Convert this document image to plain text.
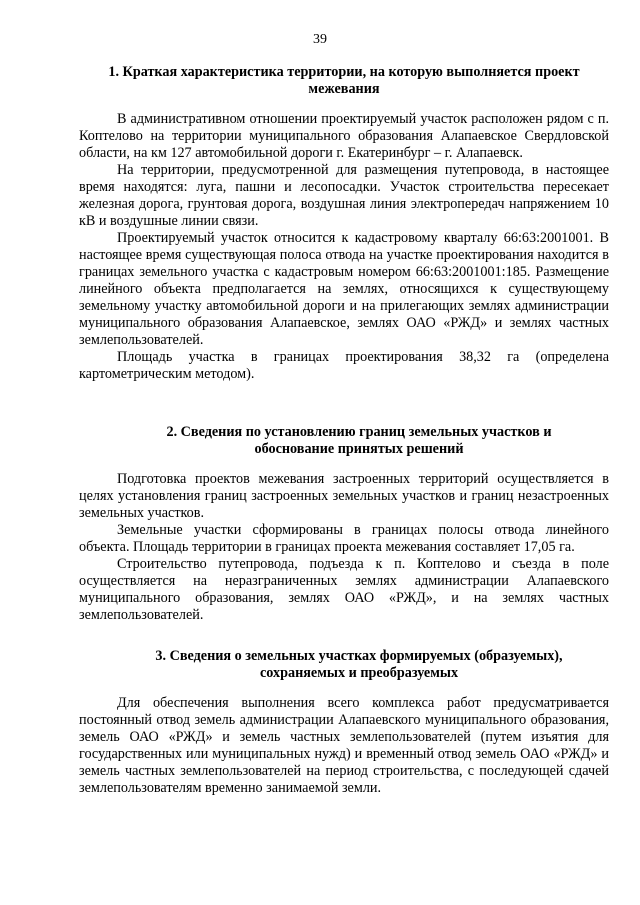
39
1. Краткая характеристика территории, на которую выполняется проект
межевания

В административном отношении проектируемый участок расположен рядом с п. Коптелово на территории муниципального образования Алапаевское Свердловской области, на км 127 автомобильной дороги г. Екатеринбург – г. Алапаевск.

На территории, предусмотренной для размещения путепровода, в настоящее время находятся: луга, пашни и лесопосадки. Участок строительства пересекает железная дорога, грунтовая дорога, воздушная линия электропередач напряжением 10 кВ и воздушные линии связи.

Проектируемый участок относится к кадастровому кварталу 66:63:2001001. В настоящее время существующая полоса отвода на участке проектирования находится в границах земельного участка с кадастровым номером 66:63:2001001:185. Размещение линейного объекта предполагается на землях, относящихся к существующему земельному участку автомобильной дороги и на прилегающих землях администрации муниципального образования Алапаевское, землях ОАО «РЖД» и землях частных землепользователей.

Площадь участка в границах проектирования 38,32 га (определена картометрическим методом).

2. Сведения по установлению границ земельных участков и
обоснование принятых решений

Подготовка проектов межевания застроенных территорий осуществляется в целях установления границ застроенных земельных участков и границ незастроенных земельных участков.

Земельные участки сформированы в границах полосы отвода линейного объекта. Площадь территории в границах проекта межевания составляет 17,05 га.

Строительство путепровода, подъезда к п. Коптелово и съезда в поле осуществляется на неразграниченных землях администрации Алапаевского муниципального образования, землях ОАО «РЖД», и на землях частных землепользователей.

3. Сведения о земельных участках формируемых (образуемых),
сохраняемых и преобразуемых

Для обеспечения выполнения всего комплекса работ предусматривается постоянный отвод земель администрации Алапаевского муниципального образования, земель ОАО «РЖД» и земель частных землепользователей (путем изъятия для государственных или муниципальных нужд) и временный отвод земель ОАО «РЖД» и земель частных землепользователей на период строительства, с последующей сдачей землепользователям временно занимаемой земли.
